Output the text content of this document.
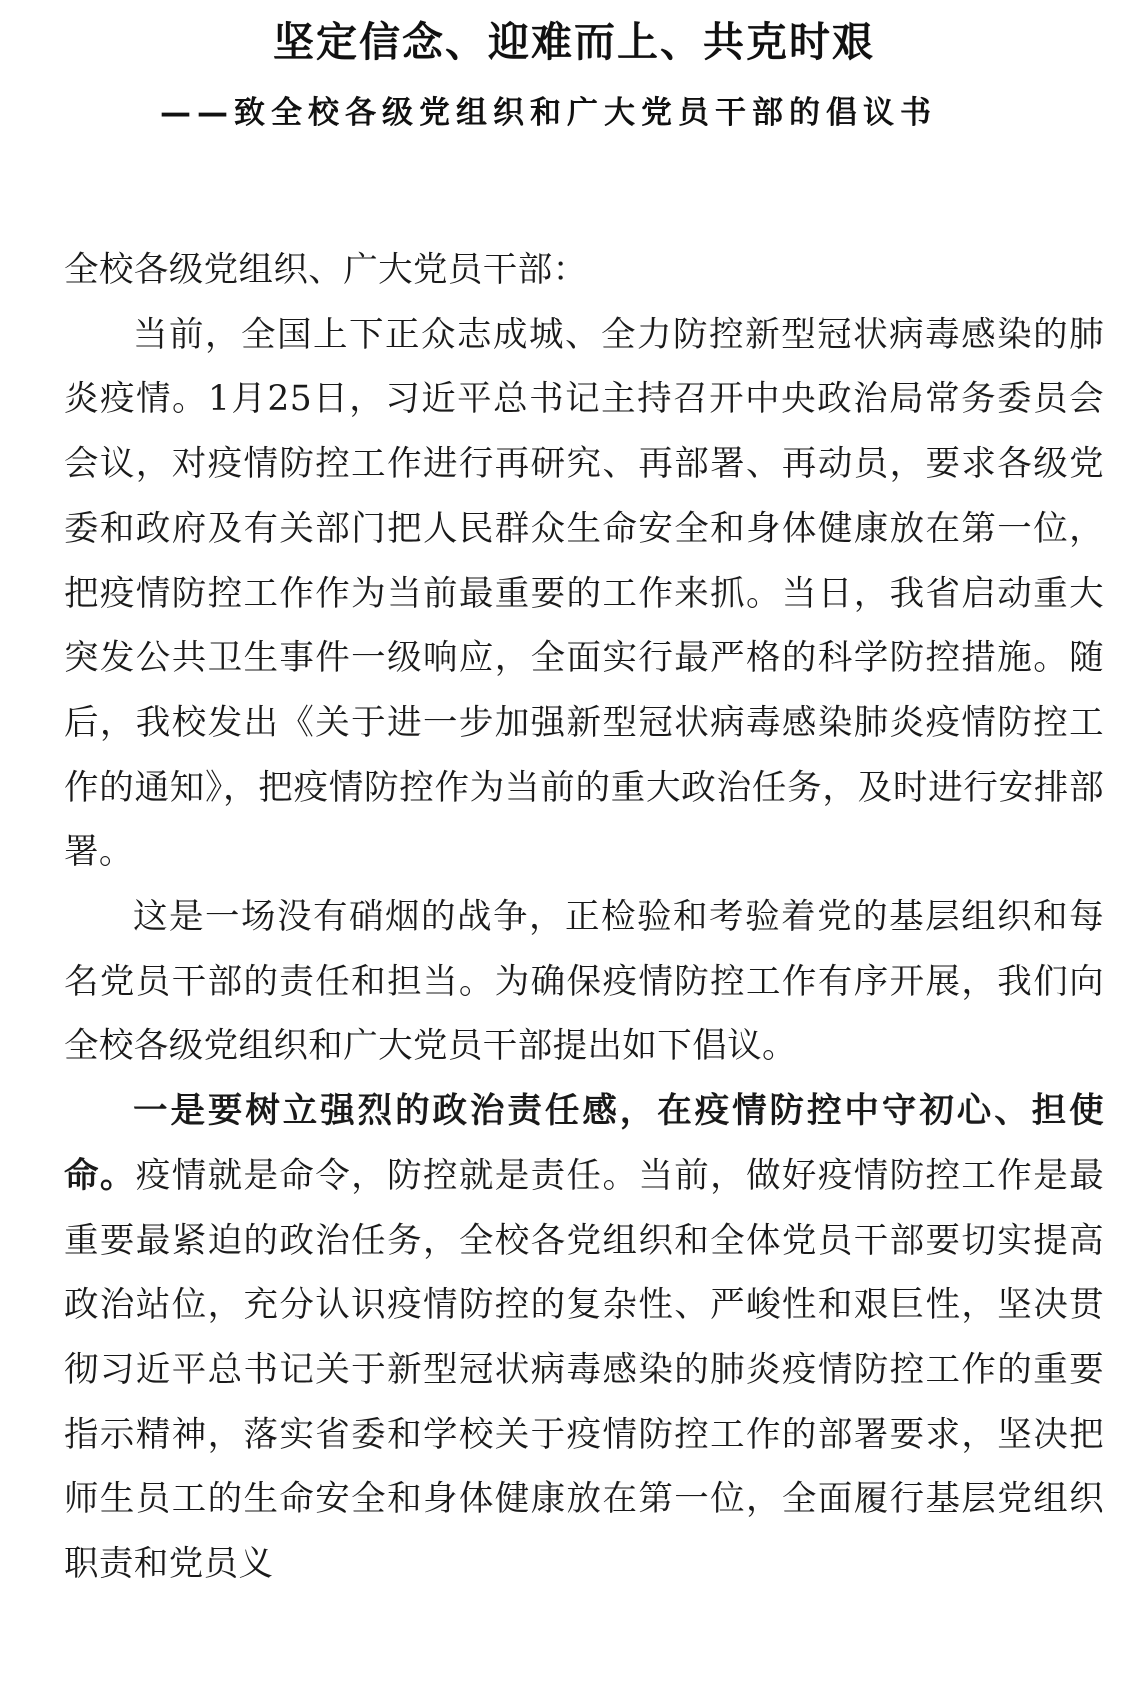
坚定信念、迎难而上、共克时艰
——致全校各级党组织和广大党员干部的倡议书

全校各级党组织、广大党员干部：

当前，全国上下正众志成城、全力防控新型冠状病毒感染的肺炎疫情。1月25日，习近平总书记主持召开中央政治局常务委员会会议，对疫情防控工作进行再研究、再部署、再动员，要求各级党委和政府及有关部门把人民群众生命安全和身体健康放在第一位，把疫情防控工作作为当前最重要的工作来抓。当日，我省启动重大突发公共卫生事件一级响应，全面实行最严格的科学防控措施。随后，我校发出《关于进一步加强新型冠状病毒感染肺炎疫情防控工作的通知》，把疫情防控作为当前的重大政治任务，及时进行安排部署。

这是一场没有硝烟的战争，正检验和考验着党的基层组织和每名党员干部的责任和担当。为确保疫情防控工作有序开展，我们向全校各级党组织和广大党员干部提出如下倡议。

一是要树立强烈的政治责任感，在疫情防控中守初心、担使命。疫情就是命令，防控就是责任。当前，做好疫情防控工作是最重要最紧迫的政治任务，全校各党组织和全体党员干部要切实提高政治站位，充分认识疫情防控的复杂性、严峻性和艰巨性，坚决贯彻习近平总书记关于新型冠状病毒感染的肺炎疫情防控工作的重要指示精神，落实省委和学校关于疫情防控工作的部署要求，坚决把师生员工的生命安全和身体健康放在第一位，全面履行基层党组织职责和党员义
